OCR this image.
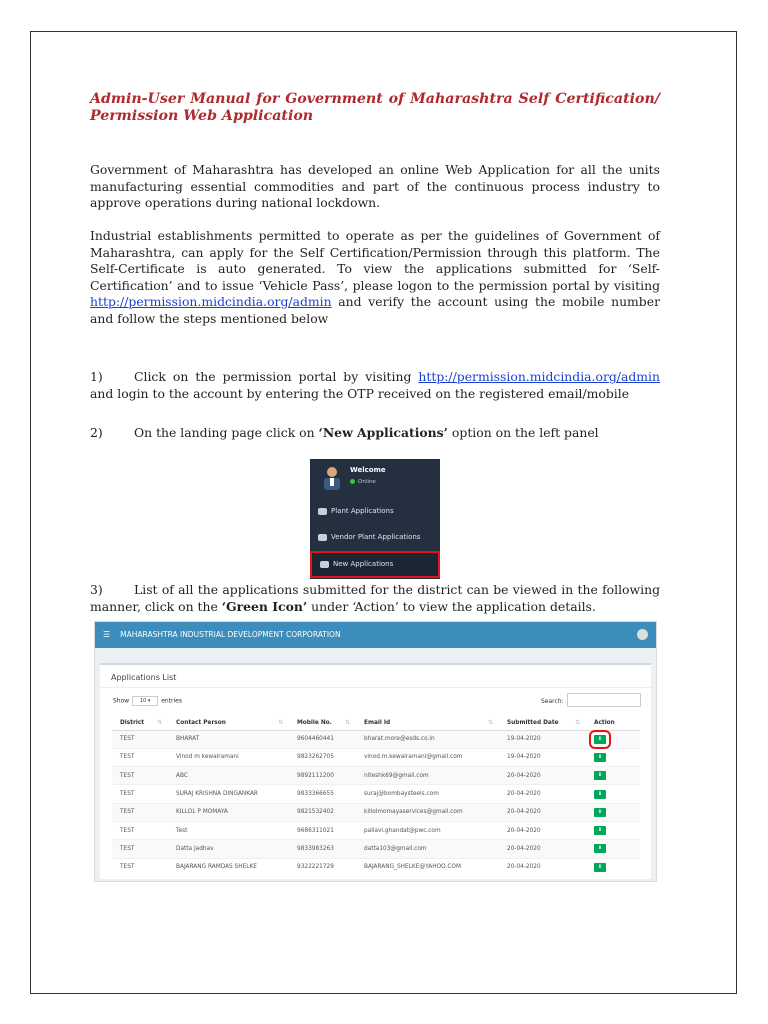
Admin-User Manual for Government of Maharashtra Self Certification/
Permission Web Application
Government of Maharashtra has developed an online Web Application for all the units manufacturing essential commodities and part of the continuous process industry to approve operations during national lockdown.
Industrial establishments permitted to operate as per the guidelines of Government of Maharashtra, can apply for the Self Certification/Permission through this platform. The Self-Certificate is auto generated. To view the applications submitted for ‘Self-Certification’ and to issue ‘Vehicle Pass’, please logon to the permission portal by visiting http://permission.midcindia.org/admin and verify the account using the mobile number and follow the steps mentioned below
1)	Click on the permission portal by visiting http://permission.midcindia.org/admin and login to the account by entering the OTP received on the registered email/mobile
2)	On the landing page click on ‘New Applications’ option on the left panel
Welcome
Online
Plant Applications
Vendor Plant Applications
New Applications
3)	List of all the applications submitted for the district can be viewed in the following manner, click on the ‘Green Icon’ under ‘Action’ to view the application details.
☰ MAHARASHTRA INDUSTRIAL DEVELOPMENT CORPORATION
Applications List
Show 10 ▾ entries	Search:
District ⇅	Contact Person ⇅	Mobile No. ⇅	Email Id ⇅	Submitted Date ⇅	Action
TEST	BHARAT	9604460441	bharat.more@esds.co.in	19-04-2020	⬇
TEST	Vinod m kewalramani	9823262705	vinod.m.kewalramani@gmail.com	19-04-2020	⬇
TEST	ABC	9892111200	niteshk69@gmail.com	20-04-2020	⬇
TEST	SURAJ KRISHNA DINGANKAR	9833366655	suraj@bombaysteels.com	20-04-2020	⬇
TEST	KILLOL P MOMAYA	9821532402	killolmomayaservices@gmail.com	20-04-2020	⬇
TEST	Test	9686311021	pallavi.ghandat@pwc.com	20-04-2020	⬇
TEST	Datta Jadhav	9833983263	datta103@gmail.com	20-04-2020	⬇
TEST	BAJARANG RAMDAS SHELKE	9322221729	BAJARANG_SHELKE@YAHOO.COM	20-04-2020	⬇
